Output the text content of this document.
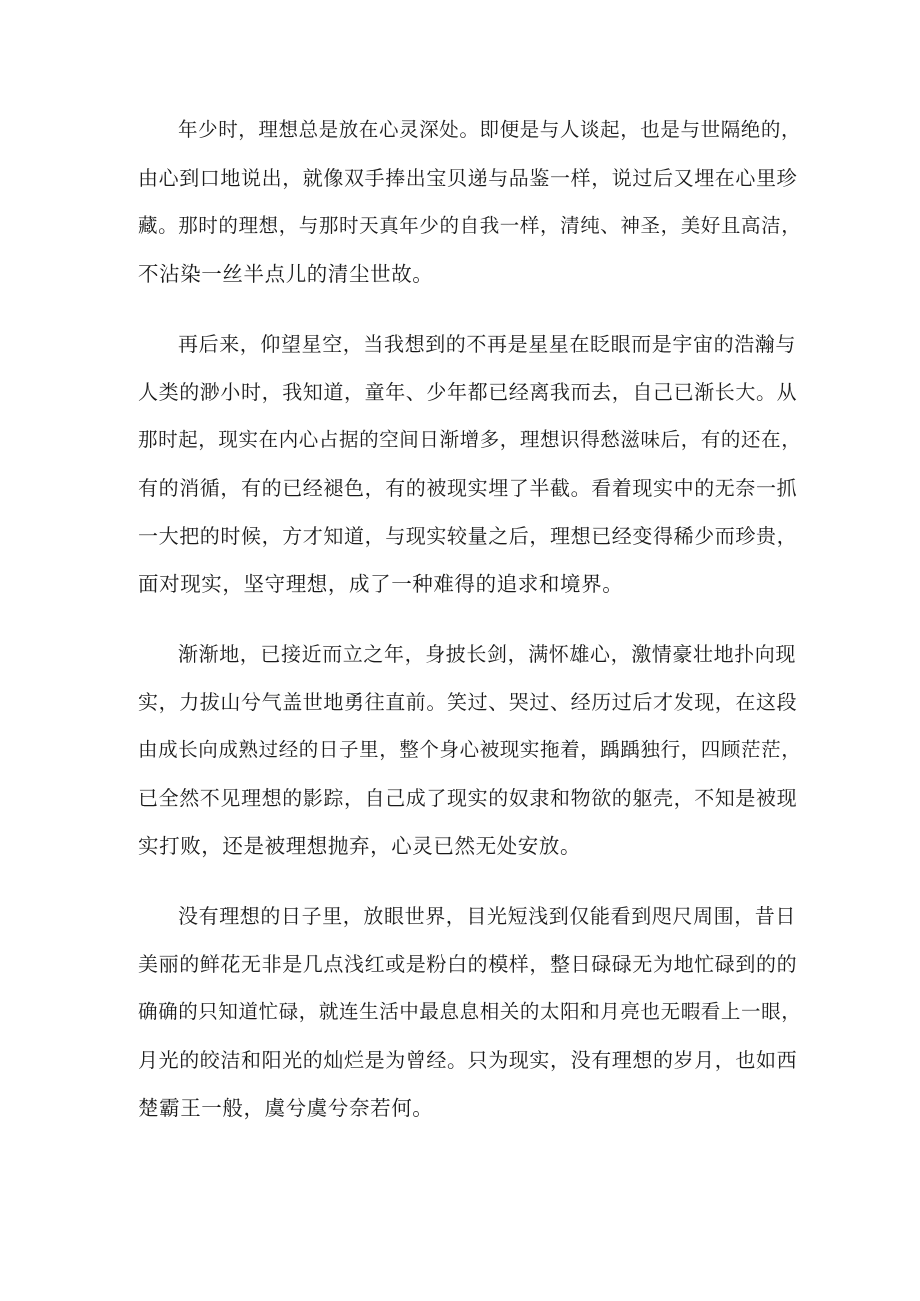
年少时，理想总是放在心灵深处。即便是与人谈起，也是与世隔绝的，
由心到口地说出，就像双手捧出宝贝递与品鉴一样，说过后又埋在心里珍
藏。那时的理想，与那时天真年少的自我一样，清纯、神圣，美好且高洁，
不沾染一丝半点儿的清尘世故。
再后来，仰望星空，当我想到的不再是星星在眨眼而是宇宙的浩瀚与
人类的渺小时，我知道，童年、少年都已经离我而去，自己已渐长大。从
那时起，现实在内心占据的空间日渐增多，理想识得愁滋味后，有的还在，
有的消循，有的已经褪色，有的被现实埋了半截。看着现实中的无奈一抓
一大把的时候，方才知道，与现实较量之后，理想已经变得稀少而珍贵，
面对现实，坚守理想，成了一种难得的追求和境界。
渐渐地，已接近而立之年，身披长剑，满怀雄心，激情豪壮地扑向现
实，力拔山兮气盖世地勇往直前。笑过、哭过、经历过后才发现，在这段
由成长向成熟过经的日子里，整个身心被现实拖着，踽踽独行，四顾茫茫，
已全然不见理想的影踪，自己成了现实的奴隶和物欲的躯壳，不知是被现
实打败，还是被理想抛弃，心灵已然无处安放。
没有理想的日子里，放眼世界，目光短浅到仅能看到咫尺周围，昔日
美丽的鲜花无非是几点浅红或是粉白的模样，整日碌碌无为地忙碌到的的
确确的只知道忙碌，就连生活中最息息相关的太阳和月亮也无暇看上一眼，
月光的皎洁和阳光的灿烂是为曾经。只为现实，没有理想的岁月，也如西
楚霸王一般，虞兮虞兮奈若何。
